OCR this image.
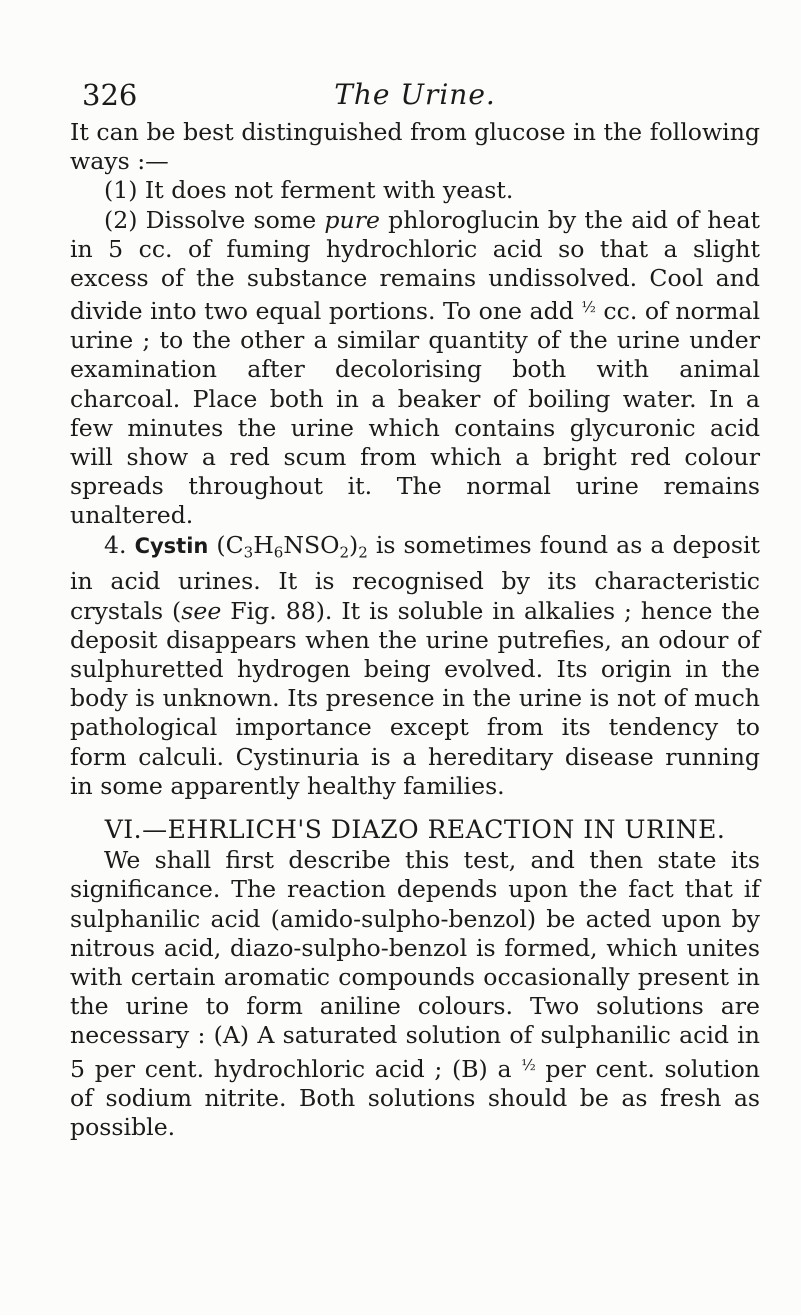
326	The Urine.

It can be best distinguished from glucose in the following ways :—

(1) It does not ferment with yeast.

(2) Dissolve some pure phloroglucin by the aid of heat in 5 cc. of fuming hydrochloric acid so that a slight excess of the substance remains undissolved. Cool and divide into two equal portions. To one add $^{\frac{1}{2}}$ cc. of normal urine ; to the other a similar quantity of the urine under examination after decolorising both with animal charcoal. Place both in a beaker of boiling water. In a few minutes the urine which contains glycuronic acid will show a red scum from which a bright red colour spreads throughout it. The normal urine remains unaltered.

4. Cystin $(C_3H_6NSO_2)_2$ is sometimes found as a deposit in acid urines. It is recognised by its characteristic crystals (see Fig. 88). It is soluble in alkalies ; hence the deposit disappears when the urine putrefies, an odour of sulphuretted hydrogen being evolved. Its origin in the body is unknown. Its presence in the urine is not of much pathological importance except from its tendency to form calculi. Cystinuria is a hereditary disease running in some apparently healthy families.

VI.—EHRLICH'S DIAZO REACTION IN URINE.

We shall first describe this test, and then state its significance. The reaction depends upon the fact that if sulphanilic acid (amido-sulpho-benzol) be acted upon by nitrous acid, diazo-sulpho-benzol is formed, which unites with certain aromatic compounds occasionally present in the urine to form aniline colours. Two solutions are necessary : (A) A saturated solution of sulphanilic acid in 5 per cent. hydrochloric acid ; (B) a $^{\frac{1}{2}}$ per cent. solution of sodium nitrite. Both solutions should be as fresh as possible.
